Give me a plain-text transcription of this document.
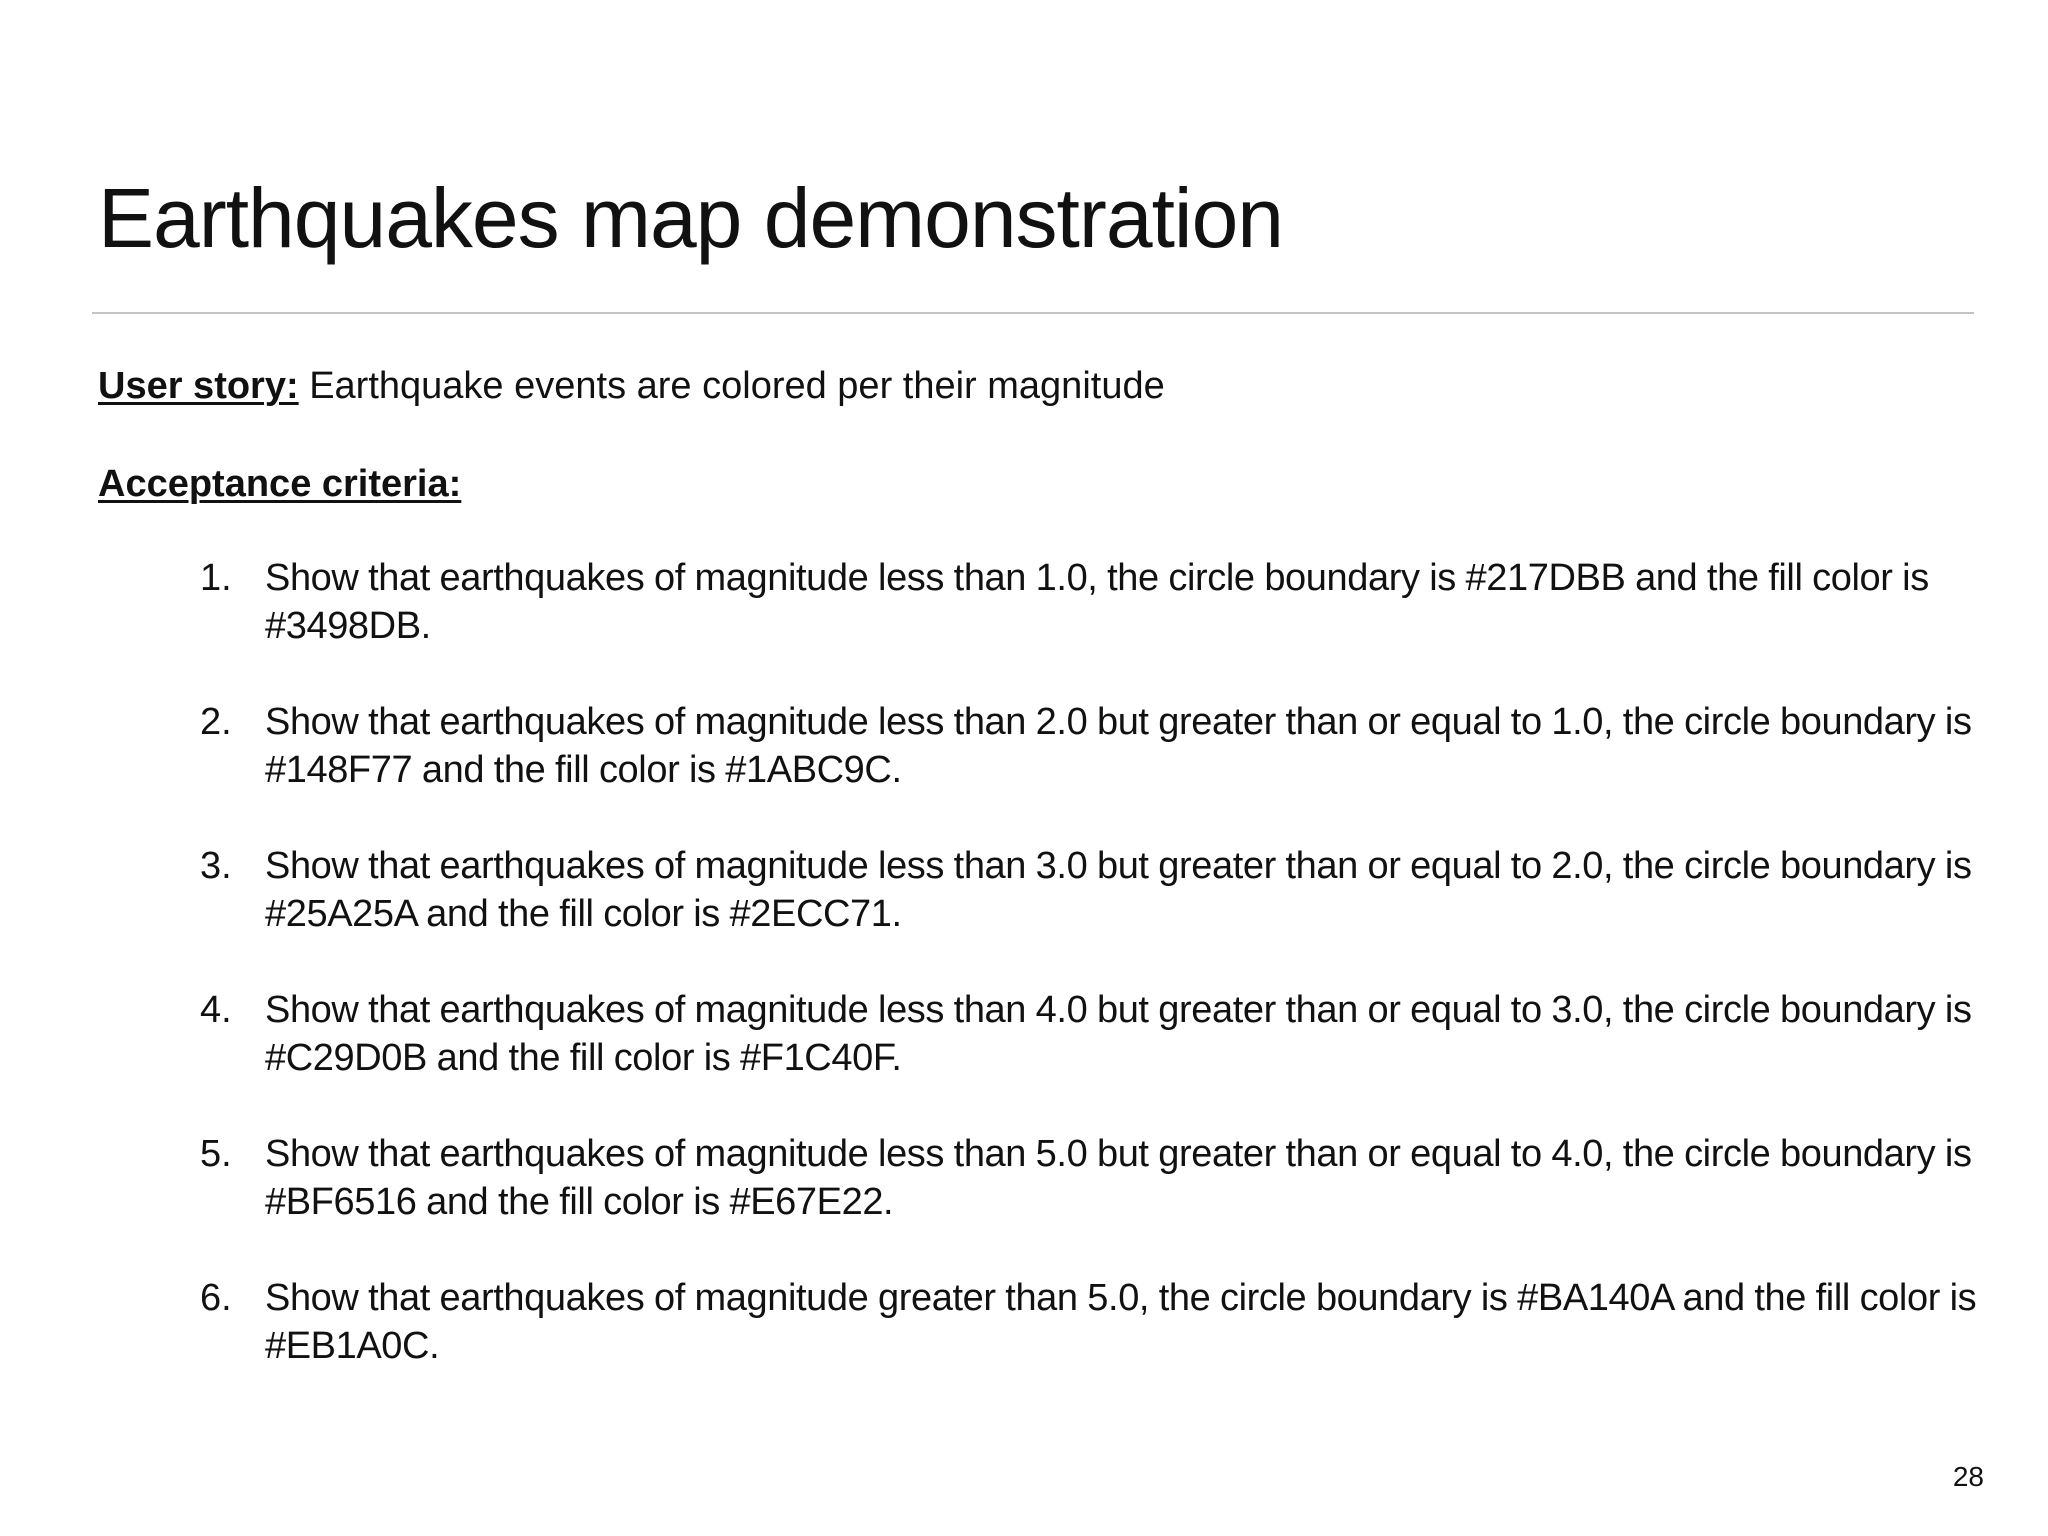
Earthquakes map demonstration
User story: Earthquake events are colored per their magnitude
Acceptance criteria:
1. Show that earthquakes of magnitude less than 1.0, the circle boundary is #217DBB and the fill color is #3498DB.
2. Show that earthquakes of magnitude less than 2.0 but greater than or equal to 1.0, the circle boundary is #148F77 and the fill color is #1ABC9C.
3. Show that earthquakes of magnitude less than 3.0 but greater than or equal to 2.0, the circle boundary is #25A25A and the fill color is #2ECC71.
4. Show that earthquakes of magnitude less than 4.0 but greater than or equal to 3.0, the circle boundary is #C29D0B and the fill color is #F1C40F.
5. Show that earthquakes of magnitude less than 5.0 but greater than or equal to 4.0, the circle boundary is #BF6516 and the fill color is #E67E22.
6. Show that earthquakes of magnitude greater than 5.0, the circle boundary is #BA140A and the fill color is #EB1A0C.
28
